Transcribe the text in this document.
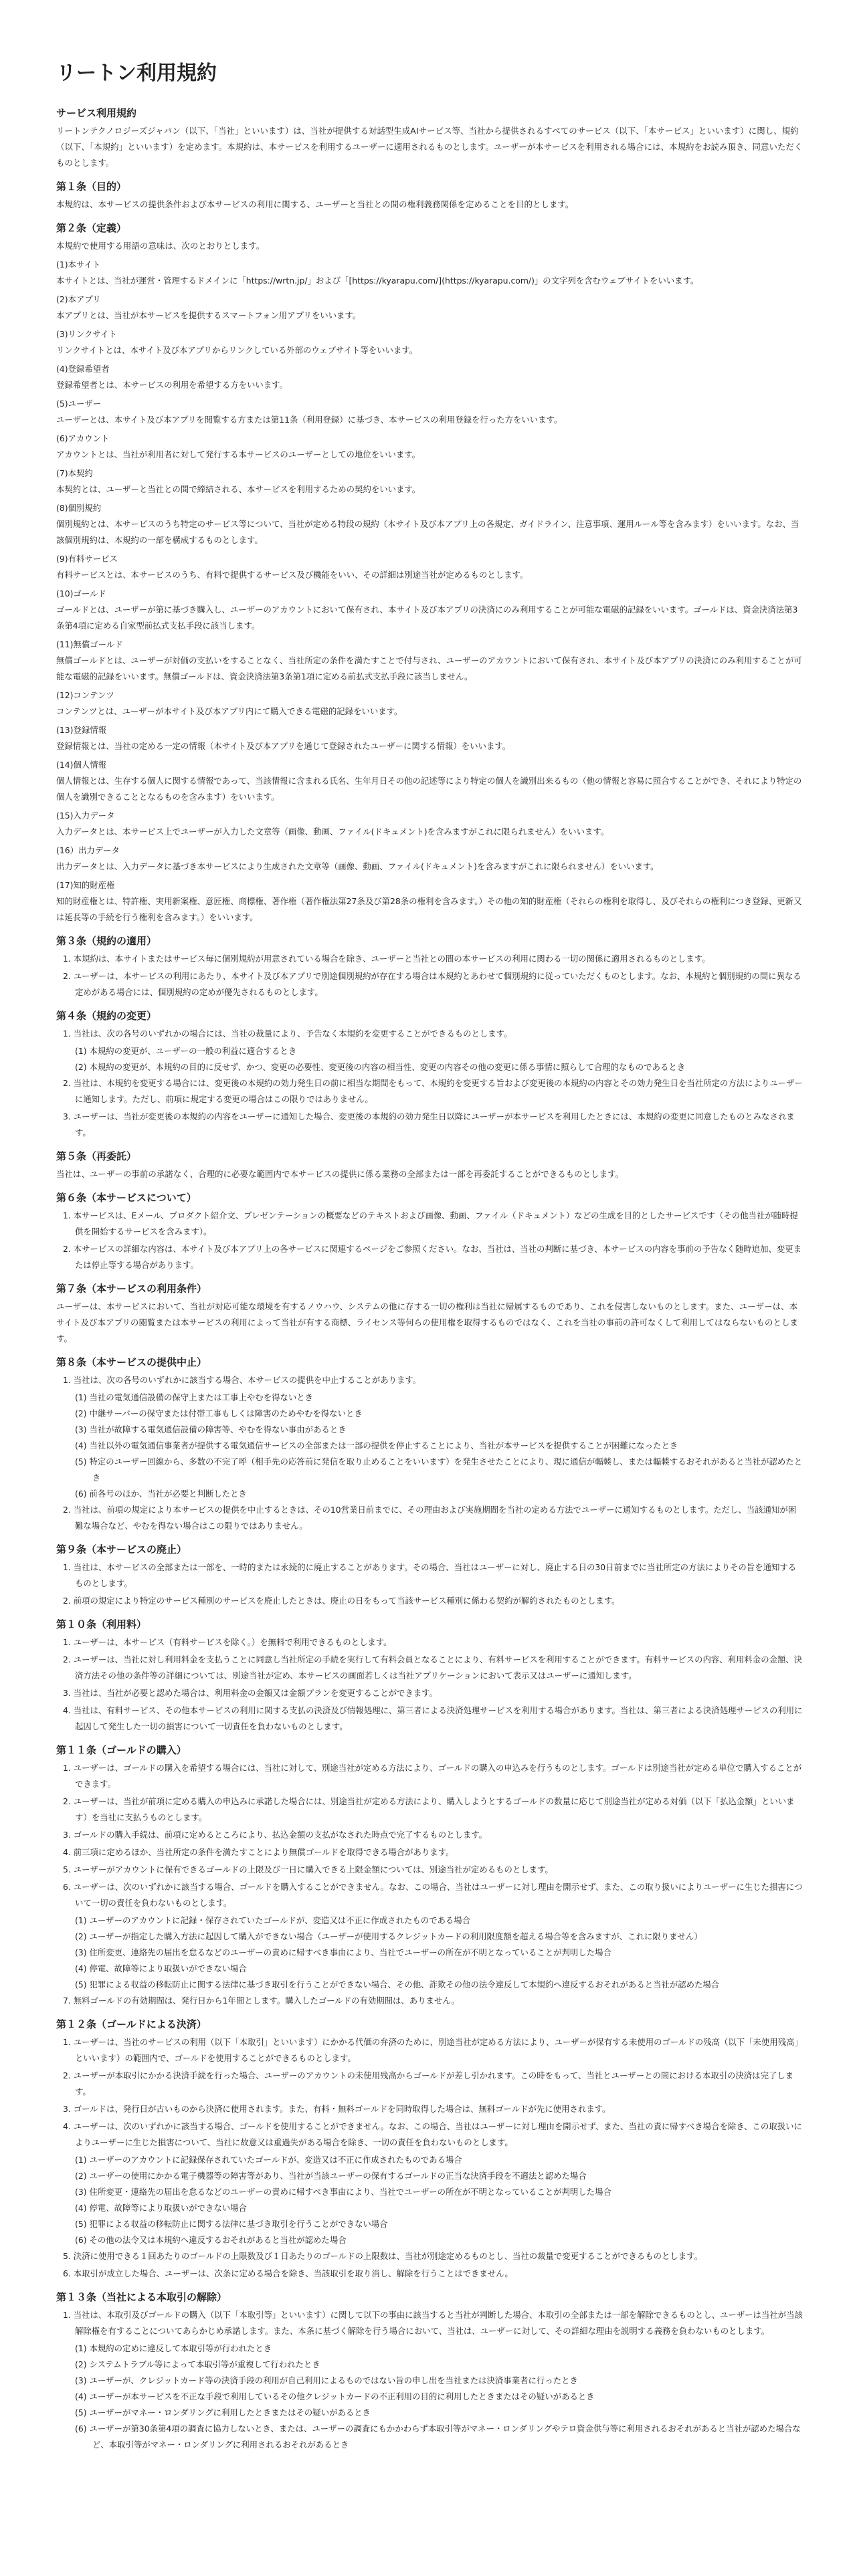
リートン利用規約
サービス利用規約

リートンテクノロジーズジャパン（以下、「当社」といいます）は、当社が提供する対話型生成AIサービス等、当社から提供されるすべてのサービス（以下、「本サービス」といいます）に関し、規約（以下、「本規約」といいます）を定めます。本規約は、本サービスを利用するユーザーに適用されるものとします。ユーザーが本サービスを利用される場合には、本規約をお読み頂き、同意いただくものとします。

第１条（目的）

本規約は、本サービスの提供条件および本サービスの利用に関する、ユーザーと当社との間の権利義務関係を定めることを目的とします。

第２条（定義）

本規約で使用する用語の意味は、次のとおりとします。

(1)本サイト
本サイトとは、当社が運営・管理するドメインに「https://wrtn.jp/」および「[https://kyarapu.com/](https://kyarapu.com/)」の文字列を含むウェブサイトをいいます。
(2)本アプリ
本アプリとは、当社が本サービスを提供するスマートフォン用アプリをいいます。
(3)リンクサイト
リンクサイトとは、本サイト及び本アプリからリンクしている外部のウェブサイト等をいいます。
(4)登録希望者
登録希望者とは、本サービスの利用を希望する方をいいます。
(5)ユーザー
ユーザーとは、本サイト及び本アプリを閲覧する方または第11条（利用登録）に基づき、本サービスの利用登録を行った方をいいます。
(6)アカウント
アカウントとは、当社が利用者に対して発行する本サービスのユーザーとしての地位をいいます。
(7)本契約
本契約とは、ユーザーと当社との間で締結される、本サービスを利用するための契約をいいます。
(8)個別規約
個別規約とは、本サービスのうち特定のサービス等について、当社が定める特段の規約（本サイト及び本アプリ上の各規定、ガイドライン、注意事項、運用ルール等を含みます）をいいます。なお、当該個別規約は、本規約の一部を構成するものとします。
(9)有料サービス
有料サービスとは、本サービスのうち、有料で提供するサービス及び機能をいい、その詳細は別途当社が定めるものとします。
(10)ゴールド
ゴールドとは、ユーザーが第に基づき購入し、ユーザーのアカウントにおいて保有され、本サイト及び本アプリの決済にのみ利用することが可能な電磁的記録をいいます。ゴールドは、資金決済法第3条第4項に定める自家型前払式支払手段に該当します。
(11)無償ゴールド
無償ゴールドとは、ユーザーが対価の支払いをすることなく、当社所定の条件を満たすことで付与され、ユーザーのアカウントにおいて保有され、本サイト及び本アプリの決済にのみ利用することが可能な電磁的記録をいいます。無償ゴールドは、資金決済法第3条第1項に定める前払式支払手段に該当しません。
(12)コンテンツ
コンテンツとは、ユーザーが本サイト及び本アプリ内にて購入できる電磁的記録をいいます。
(13)登録情報
登録情報とは、当社の定める一定の情報（本サイト及び本アプリを通じて登録されたユーザーに関する情報）をいいます。
(14)個人情報
個人情報とは、生存する個人に関する情報であって、当該情報に含まれる氏名、生年月日その他の記述等により特定の個人を識別出来るもの（他の情報と容易に照合することができ、それにより特定の個人を識別できることとなるものを含みます）をいいます。
(15)入力データ
入力データとは、本サービス上でユーザーが入力した文章等（画像、動画、ファイル(ドキュメント)を含みますがこれに限られません）をいいます。
(16）出力データ
出力データとは、入力データに基づき本サービスにより生成された文章等（画像、動画、ファイル(ドキュメント)を含みますがこれに限られません）をいいます。
(17)知的財産権
知的財産権とは、特許権、実用新案権、意匠権、商標権、著作権（著作権法第27条及び第28条の権利を含みます。）その他の知的財産権（それらの権利を取得し、及びそれらの権利につき登録、更新又は延長等の手続を行う権利を含みます。）をいいます。
第３条（規約の適用）
1. 本規約は、本サイトまたはサービス毎に個別規約が用意されている場合を除き、ユーザーと当社との間の本サービスの利用に関わる一切の関係に適用されるものとします。
2. ユーザーは、本サービスの利用にあたり、本サイト及び本アプリで別途個別規約が存在する場合は本規約とあわせて個別規約に従っていただくものとします。なお、本規約と個別規約の間に異なる定めがある場合には、個別規約の定めが優先されるものとします。
第４条（規約の変更）
1. 当社は、次の各号のいずれかの場合には、当社の裁量により、予告なく本規約を変更することができるものとします。
(1) 本規約の変更が、ユーザーの一般の利益に適合するとき
(2) 本規約の変更が、本規約の目的に反せず、かつ、変更の必要性、変更後の内容の相当性、変更の内容その他の変更に係る事情に照らして合理的なものであるとき
2. 当社は、本規約を変更する場合には、変更後の本規約の効力発生日の前に相当な期間をもって、本規約を変更する旨および変更後の本規約の内容とその効力発生日を当社所定の方法によりユーザーに通知します。ただし、前項に規定する変更の場合はこの限りではありません。
3. ユーザーは、当社が変更後の本規約の内容をユーザーに通知した場合、変更後の本規約の効力発生日以降にユーザーが本サービスを利用したときには、本規約の変更に同意したものとみなされます。
第５条（再委託）

当社は、ユーザーの事前の承諾なく、合理的に必要な範囲内で本サービスの提供に係る業務の全部または一部を再委託することができるものとします。

第６条（本サービスについて）
1. 本サービスは、Eメール、プロダクト紹介文、プレゼンテーションの概要などのテキストおよび画像、動画、ファイル（ドキュメント）などの生成を目的としたサービスです（その他当社が随時提供を開始するサービスを含みます）。
2. 本サービスの詳細な内容は、本サイト及び本アプリ上の各サービスに関連するページをご参照ください。なお、当社は、当社の判断に基づき、本サービスの内容を事前の予告なく随時追加、変更または停止等する場合があります。
第７条（本サービスの利用条件）

ユーザーは、本サービスにおいて、当社が対応可能な環境を有するノウハウ、システムの他に存する一切の権利は当社に帰属するものであり、これを侵害しないものとします。また、ユーザーは、本サイト及び本アプリの閲覧または本サービスの利用によって当社が有する商標、ライセンス等何らの使用権を取得するものではなく、これを当社の事前の許可なくして利用してはならないものとします。

第８条（本サービスの提供中止）
1. 当社は、次の各号のいずれかに該当する場合、本サービスの提供を中止することがあります。
(1) 当社の電気通信設備の保守上または工事上やむを得ないとき
(2) 中継サーバーの保守または付帯工事もしくは障害のためやむを得ないとき
(3) 当社が故障する電気通信設備の障害等、やむを得ない事由があるとき
(4) 当社以外の電気通信事業者が提供する電気通信サービスの全部または一部の提供を停止することにより、当社が本サービスを提供することが困難になったとき
(5) 特定のユーザー回線から、多数の不完了呼（相手先の応答前に発信を取り止めることをいいます）を発生させたことにより、現に通信が輻輳し、または輻輳するおそれがあると当社が認めたとき
(6) 前各号のほか、当社が必要と判断したとき
2. 当社は、前項の規定により本サービスの提供を中止するときは、その10営業日前までに、その理由および実施期間を当社の定める方法でユーザーに通知するものとします。ただし、当該通知が困難な場合など、やむを得ない場合はこの限りではありません。
第９条（本サービスの廃止）
1. 当社は、本サービスの全部または一部を、一時的または永続的に廃止することがあります。その場合、当社はユーザーに対し、廃止する日の30日前までに当社所定の方法によりその旨を通知するものとします。
2. 前項の規定により特定のサービス種別のサービスを廃止したときは、廃止の日をもって当該サービス種別に係わる契約が解約されたものとします。
第１０条（利用料）
1. ユーザーは、本サービス（有料サービスを除く。）を無料で利用できるものとします。
2. ユーザーは、当社に対し利用料金を支払うことに同意し当社所定の手続を実行して有料会員となることにより、有料サービスを利用することができます。有料サービスの内容、利用料金の金額、決済方法その他の条件等の詳細については、別途当社が定め、本サービスの画面若しくは当社アプリケーションにおいて表示又はユーザーに通知します。
3. 当社は、当社が必要と認めた場合は、利用料金の金額又は金額プランを変更することができます。
4. 当社は、有料サービス、その他本サービスの利用に関する支払の決済及び情報処理に、第三者による決済処理サービスを利用する場合があります。当社は、第三者による決済処理サービスの利用に起因して発生した一切の損害について一切責任を負わないものとします。
第１１条（ゴールドの購入）
1. ユーザーは、ゴールドの購入を希望する場合には、当社に対して、別途当社が定める方法により、ゴールドの購入の申込みを行うものとします。ゴールドは別途当社が定める単位で購入することができます。
2. ユーザーは、当社が前項に定める購入の申込みに承諾した場合には、別途当社が定める方法により、購入しようとするゴールドの数量に応じて別途当社が定める対価（以下「払込金額」といいます）を当社に支払うものとします。
3. ゴールドの購入手続は、前項に定めるところにより、払込金額の支払がなされた時点で完了するものとします。
4. 前三項に定めるほか、当社所定の条件を満たすことにより無償ゴールドを取得できる場合があります。
5. ユーザーがアカウントに保有できるゴールドの上限及び一日に購入できる上限金額については、別途当社が定めるものとします。
6. ユーザーは、次のいずれかに該当する場合、ゴールドを購入することができません。なお、この場合、当社はユーザーに対し理由を開示せず、また、この取り扱いによりユーザーに生じた損害について一切の責任を負わないものとします。
(1) ユーザーのアカウントに記録・保存されていたゴールドが、変造又は不正に作成されたものである場合
(2) ユーザーが指定した購入方法に起因して購入ができない場合（ユーザーが使用するクレジットカードの利用限度額を超える場合等を含みますが、これに限りません）
(3) 住所変更、連絡先の届出を怠るなどのユーザーの責めに帰すべき事由により、当社でユーザーの所在が不明となっていることが判明した場合
(4) 停電、故障等により取扱いができない場合
(5) 犯罪による収益の移転防止に関する法律に基づき取引を行うことができない場合、その他、詐欺その他の法令違反して本規約へ違反するおそれがあると当社が認めた場合
7. 無料ゴールドの有効期間は、発行日から1年間とします。購入したゴールドの有効期間は、ありません。
第１２条（ゴールドによる決済）
1. ユーザーは、当社のサービスの利用（以下「本取引」といいます）にかかる代価の弁済のために、別途当社が定める方法により、ユーザーが保有する未使用のゴールドの残高（以下「未使用残高」といいます）の範囲内で、ゴールドを使用することができるものとします。
2. ユーザーが本取引にかかる決済手続を行った場合、ユーザーのアカウントの未使用残高からゴールドが差し引かれます。この時をもって、当社とユーザーとの間における本取引の決済は完了します。
3. ゴールドは、発行日が古いものから決済に使用されます。また、有料・無料ゴールドを同時取得した場合は、無料ゴールドが先に使用されます。
4. ユーザーは、次のいずれかに該当する場合、ゴールドを使用することができません。なお、この場合、当社はユーザーに対し理由を開示せず、また、当社の責に帰すべき場合を除き、この取扱いによりユーザーに生じた損害について、当社に故意又は重過失がある場合を除き、一切の責任を負わないものとします。
(1) ユーザーのアカウントに記録保存されていたゴールドが、変造又は不正に作成されたものである場合
(2) ユーザーの使用にかかる電子機器等の障害等があり、当社が当該ユーザーの保有するゴールドの正当な決済手段を不適法と認めた場合
(3) 住所変更・連絡先の届出を怠るなどのユーザーの責めに帰すべき事由により、当社でユーザーの所在が不明となっていることが判明した場合
(4) 停電、故障等により取扱いができない場合
(5) 犯罪による収益の移転防止に関する法律に基づき取引を行うことができない場合
(6) その他の法令又は本規約へ違反するおそれがあると当社が認めた場合
5. 決済に使用できる１回あたりのゴールドの上限数及び１日あたりのゴールドの上限数は、当社が別途定めるものとし、当社の裁量で変更することができるものとします。
6. 本取引が成立した場合、ユーザーは、次条に定める場合を除き、当該取引を取り消し、解除を行うことはできません。
第１３条（当社による本取引の解除）
1. 当社は、本取引及びゴールドの購入（以下「本取引等」といいます）に関して以下の事由に該当すると当社が判断した場合、本取引の全部または一部を解除できるものとし、ユーザーは当社が当該解除権を有することについてあらかじめ承諾します。また、本条に基づく解除を行う場合において、当社は、ユーザーに対して、その詳細な理由を説明する義務を負わないものとします。
(1) 本規約の定めに違反して本取引等が行われたとき
(2) システムトラブル等によって本取引等が重複して行われたとき
(3) ユーザーが、クレジットカード等の決済手段の利用が自己利用によるものではない旨の申し出を当社または決済事業者に行ったとき
(4) ユーザーが本サービスを不正な手段で利用しているその他クレジットカードの不正利用の目的に利用したときまたはその疑いがあるとき
(5) ユーザーがマネー・ロンダリングに利用したときまたはその疑いがあるとき
(6) ユーザーが第30条第4項の調査に協力しないとき、または、ユーザーの調査にもかかわらず本取引等がマネー・ロンダリングやテロ資金供与等に利用されるおそれがあると当社が認めた場合など、本取引等がマネー・ロンダリングに利用されるおそれがあるとき
